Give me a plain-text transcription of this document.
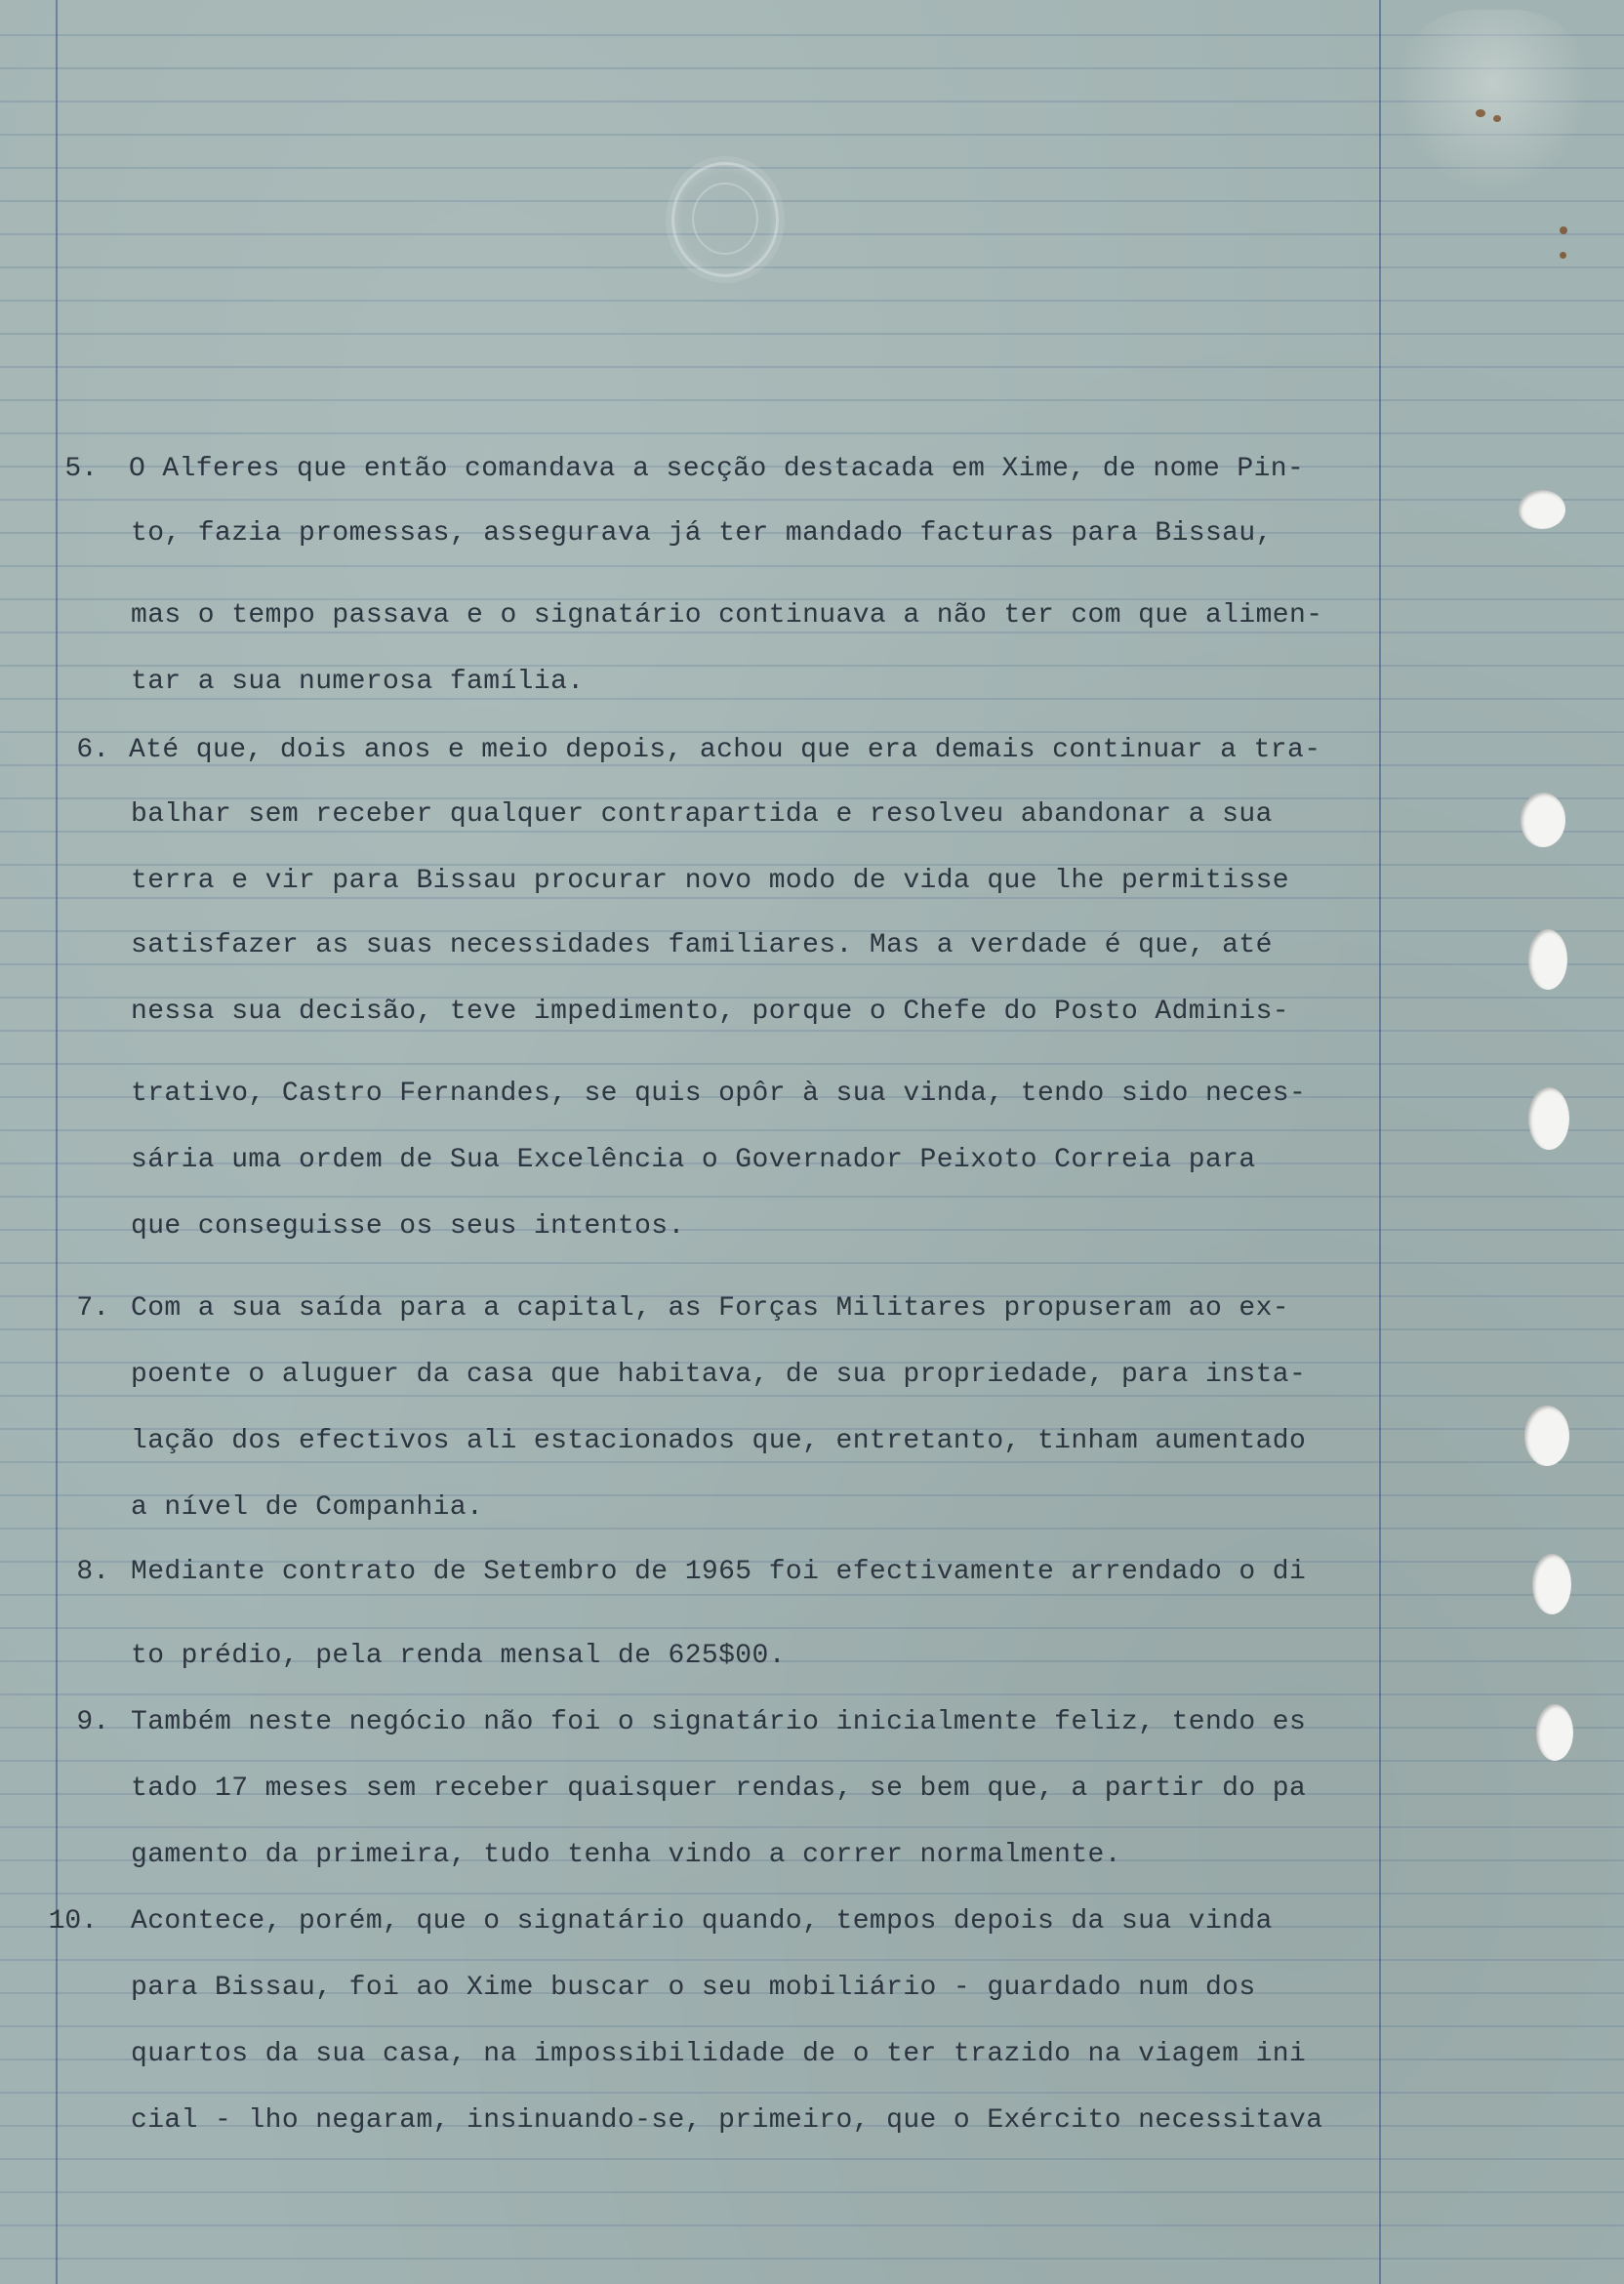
5. O Alferes que então comandava a secção destacada em Xime, de nome Pin-
to, fazia promessas, assegurava já ter mandado facturas para Bissau,
mas o tempo passava e o signatário continuava a não ter com que alimen-
tar a sua numerosa família.
6. Até que, dois anos e meio depois, achou que era demais continuar a tra-
balhar sem receber qualquer contrapartida e resolveu abandonar a sua
terra e vir para Bissau procurar novo modo de vida que lhe permitisse
satisfazer as suas necessidades familiares. Mas a verdade é que, até
nessa sua decisão, teve impedimento, porque o Chefe do Posto Adminis-
trativo, Castro Fernandes, se quis opôr à sua vinda, tendo sido neces-
sária uma ordem de Sua Excelência o Governador Peixoto Correia para
que conseguisse os seus intentos.
7. Com a sua saída para a capital, as Forças Militares propuseram ao ex-
poente o aluguer da casa que habitava, de sua propriedade, para insta-
lação dos efectivos ali estacionados que, entretanto, tinham aumentado
a nível de Companhia.
8. Mediante contrato de Setembro de 1965 foi efectivamente arrendado o di
to prédio, pela renda mensal de 625$00.
9. Também neste negócio não foi o signatário inicialmente feliz, tendo es
tado 17 meses sem receber quaisquer rendas, se bem que, a partir do pa
gamento da primeira, tudo tenha vindo a correr normalmente.
10. Acontece, porém, que o signatário quando, tempos depois da sua vinda
para Bissau, foi ao Xime buscar o seu mobiliário - guardado num dos
quartos da sua casa, na impossibilidade de o ter trazido na viagem ini
cial - lho negaram, insinuando-se, primeiro, que o Exército necessitava
